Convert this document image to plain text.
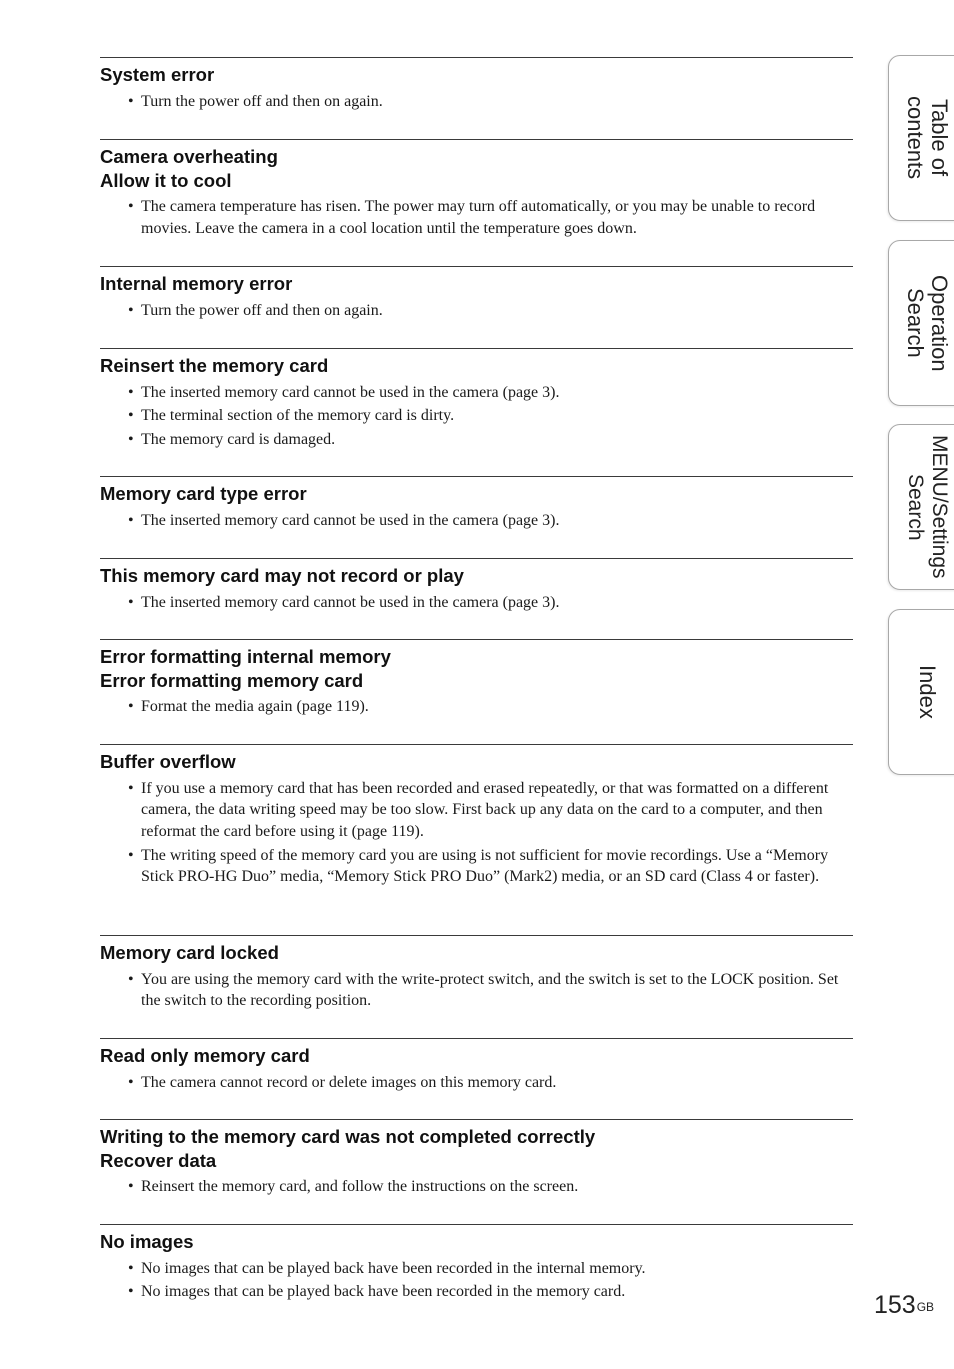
System error

• Turn the power off and then on again.

Camera overheating

Allow it to cool

• The camera temperature has risen. The power may turn off automatically, or you may be unable to record movies. Leave the camera in a cool location until the temperature goes down.

Internal memory error

• Turn the power off and then on again.

Reinsert the memory card

• The inserted memory card cannot be used in the camera (page 3).
• The terminal section of the memory card is dirty.
• The memory card is damaged.

Memory card type error

• The inserted memory card cannot be used in the camera (page 3).

This memory card may not record or play

• The inserted memory card cannot be used in the camera (page 3).

Error formatting internal memory

Error formatting memory card

• Format the media again (page 119).

Buffer overflow

• If you use a memory card that has been recorded and erased repeatedly, or that was formatted on a different camera, the data writing speed may be too slow. First back up any data on the card to a computer, and then reformat the card before using it (page 119).
• The writing speed of the memory card you are using is not sufficient for movie recordings. Use a “Memory Stick PRO-HG Duo” media, “Memory Stick PRO Duo” (Mark2) media, or an SD card (Class 4 or faster).

Memory card locked

• You are using the memory card with the write-protect switch, and the switch is set to the LOCK position. Set the switch to the recording position.

Read only memory card

• The camera cannot record or delete images on this memory card.

Writing to the memory card was not completed correctly

Recover data

• Reinsert the memory card, and follow the instructions on the screen.

No images

• No images that can be played back have been recorded in the internal memory.
• No images that can be played back have been recorded in the memory card.
Table of
contents
Operation
Search
MENU/Settings
Search
Index
$153^{GB}$
